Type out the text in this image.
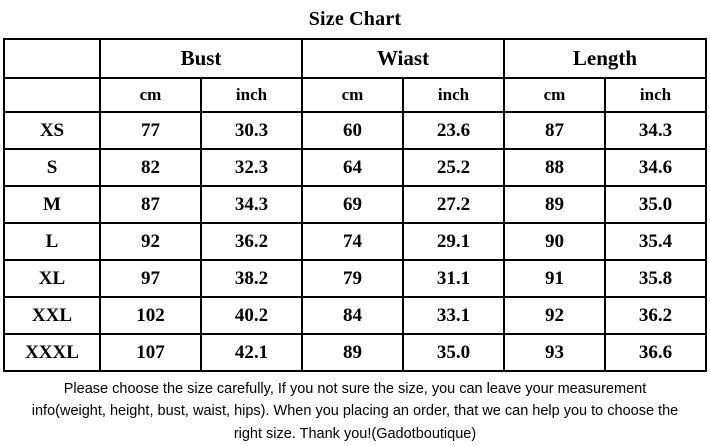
Size Chart
	Bust		Wiast		Length	
	cm	inch	cm	inch	cm	inch
XS	77	30.3	60	23.6	87	34.3
S	82	32.3	64	25.2	88	34.6
M	87	34.3	69	27.2	89	35.0
L	92	36.2	74	29.1	90	35.4
XL	97	38.2	79	31.1	91	35.8
XXL	102	40.2	84	33.1	92	36.2
XXXL	107	42.1	89	35.0	93	36.6
Please choose the size carefully, If you not sure the size, you can leave your measurement info(weight, height, bust, waist, hips). When you placing an order, that we can help you to choose the right size. Thank you!(Gadotboutique)
